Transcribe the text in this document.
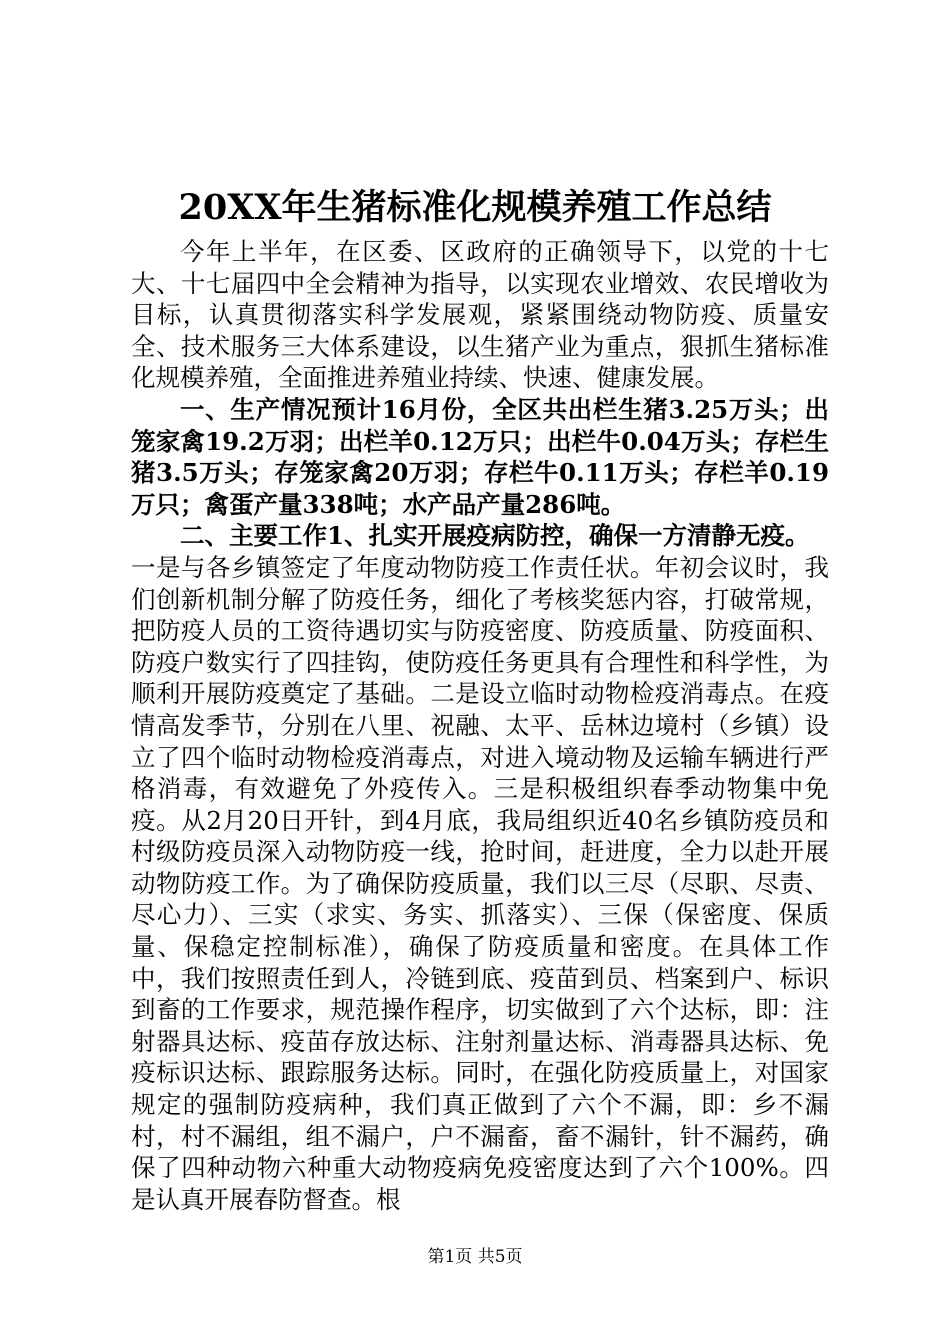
20XX年生猪标准化规模养殖工作总结

今年上半年，在区委、区政府的正确领导下，以党的十七大、十七届四中全会精神为指导，以实现农业增效、农民增收为目标，认真贯彻落实科学发展观，紧紧围绕动物防疫、质量安全、技术服务三大体系建设，以生猪产业为重点，狠抓生猪标准化规模养殖，全面推进养殖业持续、快速、健康发展。

一、生产情况预计16月份，全区共出栏生猪3.25万头；出笼家禽19.2万羽；出栏羊0.12万只；出栏牛0.04万头；存栏生猪3.5万头；存笼家禽20万羽；存栏牛0.11万头；存栏羊0.19万只；禽蛋产量338吨；水产品产量286吨。

二、主要工作1、扎实开展疫病防控，确保一方清静无疫。

一是与各乡镇签定了年度动物防疫工作责任状。年初会议时，我们创新机制分解了防疫任务，细化了考核奖惩内容，打破常规，把防疫人员的工资待遇切实与防疫密度、防疫质量、防疫面积、防疫户数实行了四挂钩，使防疫任务更具有合理性和科学性，为顺利开展防疫奠定了基础。二是设立临时动物检疫消毒点。在疫情高发季节，分别在八里、祝融、太平、岳林边境村（乡镇）设立了四个临时动物检疫消毒点，对进入境动物及运输车辆进行严格消毒，有效避免了外疫传入。三是积极组织春季动物集中免疫。从2月20日开针，到4月底，我局组织近40名乡镇防疫员和村级防疫员深入动物防疫一线，抢时间，赶进度，全力以赴开展动物防疫工作。为了确保防疫质量，我们以三尽（尽职、尽责、尽心力）、三实（求实、务实、抓落实）、三保（保密度、保质量、保稳定控制标准），确保了防疫质量和密度。在具体工作中，我们按照责任到人，冷链到底、疫苗到员、档案到户、标识到畜的工作要求，规范操作程序，切实做到了六个达标，即：注射器具达标、疫苗存放达标、注射剂量达标、消毒器具达标、免疫标识达标、跟踪服务达标。同时，在强化防疫质量上，对国家规定的强制防疫病种，我们真正做到了六个不漏，即：乡不漏村，村不漏组，组不漏户，户不漏畜，畜不漏针，针不漏药，确保了四种动物六种重大动物疫病免疫密度达到了六个100%。四是认真开展春防督查。根

第1页 共5页
